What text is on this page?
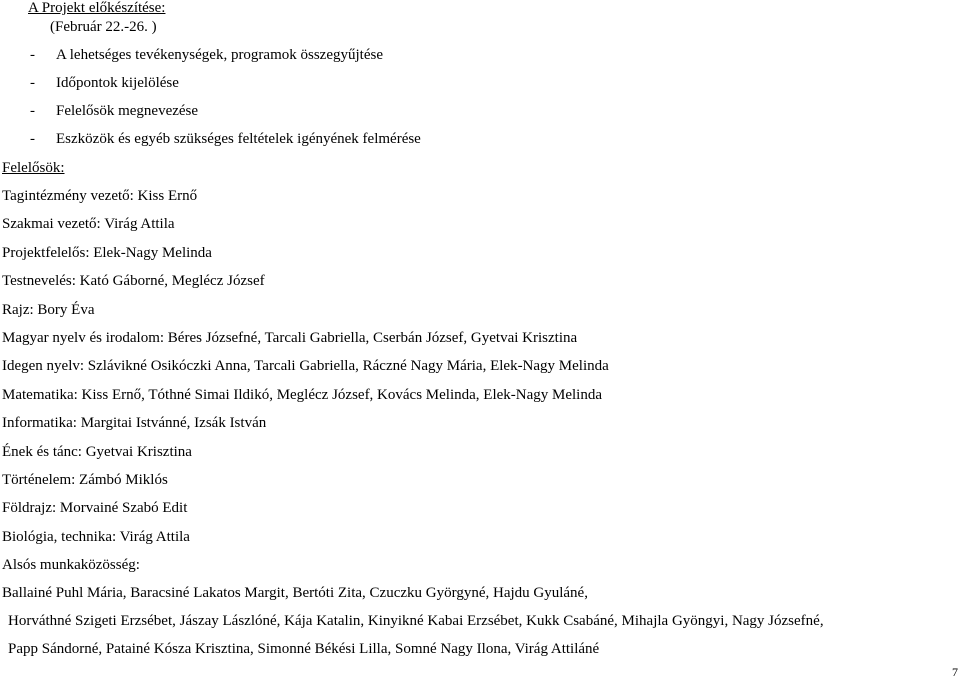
A Projekt előkészítése:
(Február 22.-26. )
- A lehetséges tevékenységek, programok összegyűjtése
- Időpontok kijelölése
- Felelősök megnevezése
- Eszközök és egyéb szükséges feltételek igényének felmérése
Felelősök:
Tagintézmény vezető: Kiss Ernő
Szakmai vezető: Virág Attila
Projektfelelős: Elek-Nagy Melinda
Testnevelés: Kató Gáborné, Meglécz József
Rajz: Bory Éva
Magyar nyelv és irodalom: Béres Józsefné, Tarcali Gabriella, Cserbán József, Gyetvai Krisztina
Idegen nyelv: Szlávikné Osikóczki Anna, Tarcali Gabriella, Ráczné Nagy Mária, Elek-Nagy Melinda
Matematika: Kiss Ernő, Tóthné Simai Ildikó, Meglécz József, Kovács Melinda, Elek-Nagy Melinda
Informatika: Margitai Istvánné, Izsák István
Ének és tánc: Gyetvai Krisztina
Történelem: Zámbó Miklós
Földrajz: Morvainé Szabó Edit
Biológia, technika: Virág Attila
Alsós munkaközösség:
Ballainé Puhl Mária, Baracsiné Lakatos Margit, Bertóti Zita, Czuczku Györgyné, Hajdu Gyuláné,
Horváthné Szigeti Erzsébet, Jászay Lászlóné, Kája Katalin, Kinyikné Kabai Erzsébet, Kukk Csabáné, Mihajla Gyöngyi, Nagy Józsefné,
Papp Sándorné, Patainé Kósza Krisztina, Simonné Békési Lilla, Somné Nagy Ilona, Virág Attiláné
7
